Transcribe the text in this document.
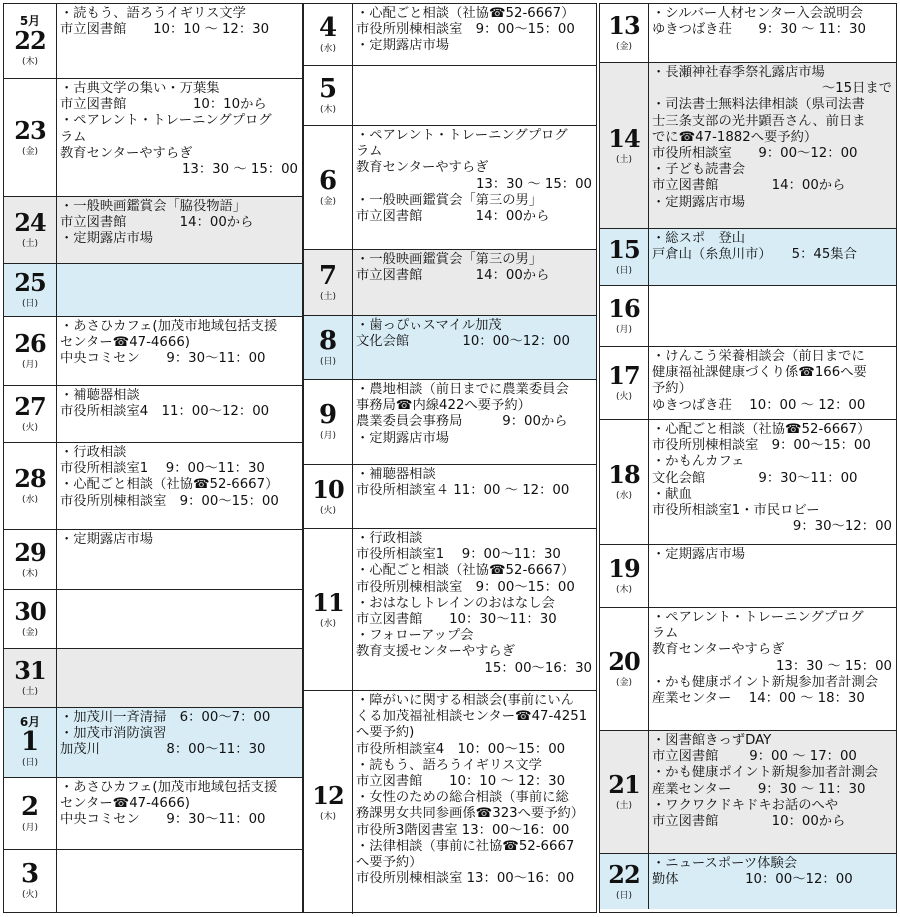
5月
22
(木)
・読もう、語ろうイギリス文学
市立図書館　　10：10 ～ 12：30
23
(金)
・古典文学の集い・万葉集
市立図書館　　　　　10：10から
・ペアレント・トレーニングプログ
ラム
教育センターやすらぎ
13：30 ～ 15：00
24
(土)
・一般映画鑑賞会「脇役物語」
市立図書館　　　　14：00から
・定期露店市場
25
(日)
26
(月)
・あさひカフェ(加茂市地域包括支援
センター☎47-4666)
中央コミセン　　9：30～11：00
27
(火)
・補聴器相談
市役所相談室4　11：00～12：00
28
(水)
・行政相談
市役所相談室1　 9：00～11：30
・心配ごと相談（社協☎52-6667）
市役所別棟相談室　9：00～15：00
29
(木)
・定期露店市場
30
(金)
31
(土)
6月
1
(日)
・加茂川一斉清掃　6：00～7：00
・加茂市消防演習
加茂川　　　　　8：00～11：30
2
(月)
・あさひカフェ(加茂市地域包括支援
センター☎47-4666)
中央コミセン　　9：30～11：00
3
(火)
4
(水)
・心配ごと相談（社協☎52-6667）
市役所別棟相談室　9：00～15：00
・定期露店市場
5
(木)
6
(金)
・ペアレント・トレーニングプログ
ラム
教育センターやすらぎ
13：30 ～ 15：00
・一般映画鑑賞会「第三の男」
市立図書館　　　　14：00から
7
(土)
・一般映画鑑賞会「第三の男」
市立図書館　　　　14：00から
8
(日)
・歯っぴぃスマイル加茂
文化会館　　　　10：00～12：00
9
(月)
・農地相談（前日までに農業委員会
事務局☎内線422へ要予約）
農業委員会事務局　　　9：00から
・定期露店市場
10
(火)
・補聴器相談
市役所相談室４ 11：00 ～ 12：00
11
(水)
・行政相談
市役所相談室1　 9：00～11：30
・心配ごと相談（社協☎52-6667）
市役所別棟相談室　9：00～15：00
・おはなしトレインのおはなし会
市立図書館　　10：30～11：30
・フォローアップ会
教育支援センターやすらぎ
15：00～16：30
12
(木)
・障がいに関する相談会(事前にいん
くる加茂福祉相談センター☎47-4251
へ要予約)
市役所相談室4　10：00～15：00
・読もう、語ろうイギリス文学
市立図書館　　10：10 ～ 12：30
・女性のための総合相談（事前に総
務課男女共同参画係☎323へ要予約）
市役所3階図書室 13：00～16：00
・法律相談（事前に社協☎52-6667
へ要予約）
市役所別棟相談室 13：00～16：00
13
(金)
・シルバー人材センター入会説明会
ゆきつばき荘　　9：30 ～ 11：30
14
(土)
・長瀬神社春季祭礼露店市場
～15日まで
・司法書士無料法律相談（県司法書
士三条支部の光井顕吾さん、前日ま
でに☎47-1882へ要予約）
市役所相談室　　9：00～12：00
・子ども読書会
市立図書館　　　　14：00から
・定期露店市場
15
(日)
・総スポ　登山
戸倉山（糸魚川市）　　5：45集合
16
(月)
17
(火)
・けんこう栄養相談会（前日までに
健康福祉課健康づくり係☎166へ要
予約）
ゆきつばき荘　 10：00 ～ 12：00
18
(水)
・心配ごと相談（社協☎52-6667）
市役所別棟相談室　9：00～15：00
・かもんカフェ
文化会館　　　　9：30～11：00
・献血
市役所相談室1・市民ロビー
9：30～12：00
19
(木)
・定期露店市場
20
(金)
・ペアレント・トレーニングプログ
ラム
教育センターやすらぎ
13：30 ～ 15：00
・かも健康ポイント新規参加者計測会
産業センター　 14：00 ～ 18：30
21
(土)
・図書館きっずDAY
市立図書館　　 9：00 ～ 17：00
・かも健康ポイント新規参加者計測会
産業センター　　9：30 ～ 11：30
・ワクワクドキドキお話のへや
市立図書館　　　　10：00から
22
(日)
・ニュースポーツ体験会
勤体　　　　　10：00～12：00
